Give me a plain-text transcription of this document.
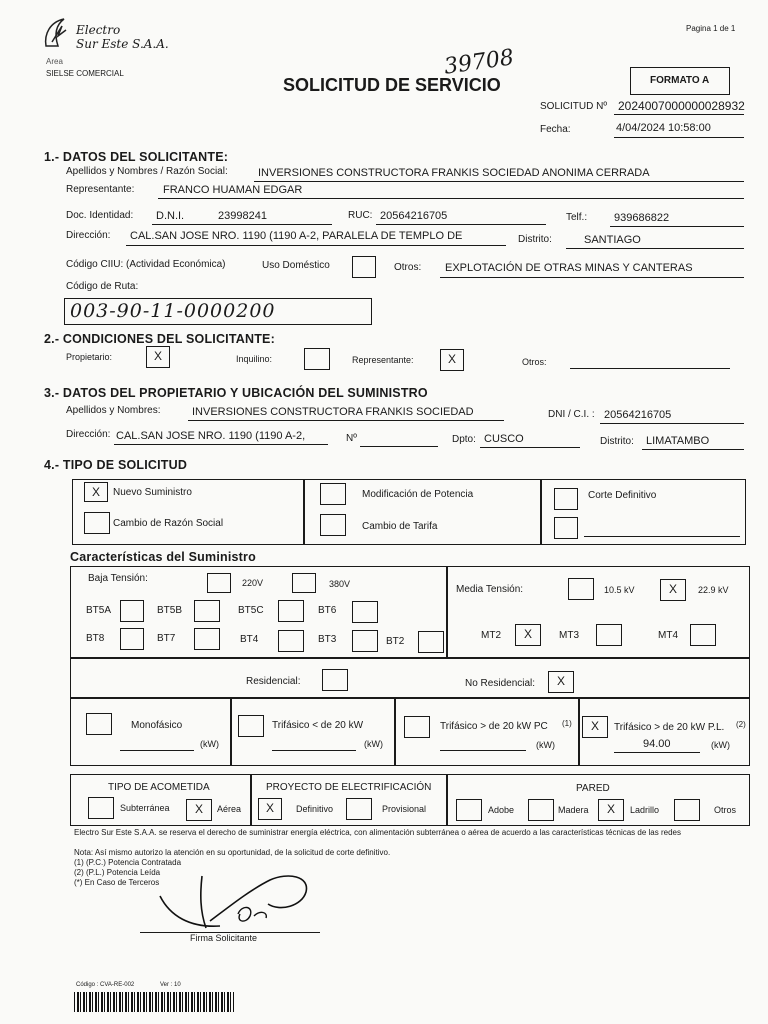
Electro
Sur Este S.A.A.
Area
SIELSE COMERCIAL
Pagina 1 de 1
39708
SOLICITUD DE SERVICIO	FORMATO A
SOLICITUD Nº 2024007000000028932
Fecha:	4/04/2024 10:58:00
1.- DATOS DEL SOLICITANTE:
Apellidos y Nombres / Razón Social:	INVERSIONES CONSTRUCTORA FRANKIS SOCIEDAD ANONIMA CERRADA
Representante:	FRANCO HUAMAN EDGAR
Doc. Identidad: D.N.I.	23998241	RUC: 20564216705	Telf.: 939686822
Dirección: CAL.SAN JOSE NRO. 1190 (1190 A-2, PARALELA DE TEMPLO DE	Distrito:	SANTIAGO
Código CIIU: (Actividad Económica)	Uso Doméstico	Otros: EXPLOTACIÓN DE OTRAS MINAS Y CANTERAS
Código de Ruta:
003-90-11-0000200
2.- CONDICIONES DEL SOLICITANTE:
Propietario:	X	Inquilino:	Representante:	X	Otros:
3.- DATOS DEL PROPIETARIO Y UBICACIÓN DEL SUMINISTRO
Apellidos y Nombres:	INVERSIONES CONSTRUCTORA FRANKIS SOCIEDAD	DNI / C.I. : 20564216705
Dirección: CAL.SAN JOSE NRO. 1190 (1190 A-2,	Nº	Dpto: CUSCO	Distrito: LIMATAMBO
4.- TIPO DE SOLICITUD
X	Nuevo Suministro
Cambio de Razón Social
Modificación de Potencia
Cambio de Tarifa
Corte Definitivo
Características del Suministro
Baja Tensión:	220V	380V
BT5A	BT5B	BT5C	BT6
BT8	BT7	BT4	BT3	BT2
Media Tensión:	10.5 kV	X	22.9 kV
MT2	X	MT3	MT4
Residencial:	No Residencial:	X
Monofásico
(kW)
Trifásico < de 20 kW
(kW)
Trifásico > de 20 kW PC (1)
(kW)
X	Trifásico > de 20 kW P.L. (2)
94.00	(kW)
TIPO DE ACOMETIDA	PROYECTO DE ELECTRIFICACIÓN	PARED
Subterránea	X	Aérea	X	Definitivo	Provisional	Adobe	Madera	X	Ladrillo	Otros
Electro Sur Este S.A.A. se reserva el derecho de suministrar energía eléctrica, con alimentación subterránea o aérea de acuerdo a las características técnicas de las redes
Nota: Así mismo autorizo la atención en su oportunidad, de la solicitud de corte definitivo.
(1) (P.C.) Potencia Contratada
(2) (P.L.) Potencia Leída
(*) En Caso de Terceros
Firma Solicitante
Código : CVA-RE-002	Ver : 10
